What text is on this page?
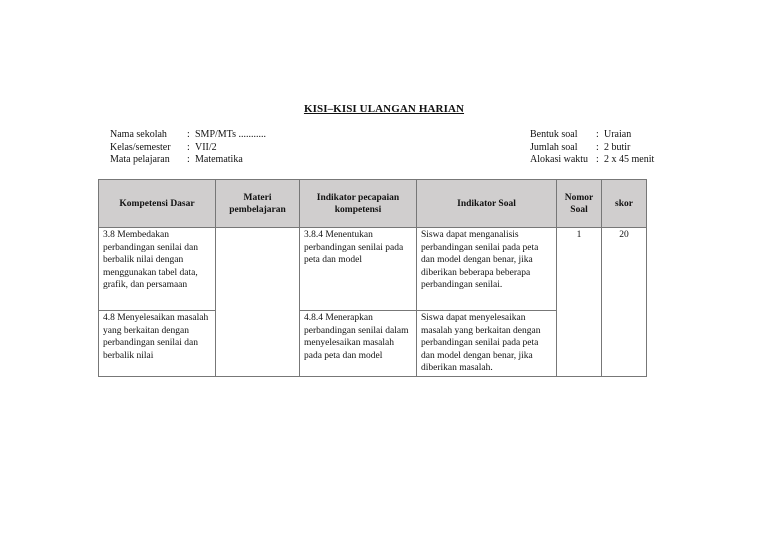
KISI–KISI ULANGAN HARIAN
Nama sekolah	: SMP/MTs ...........
Kelas/semester	: VII/2
Mata pelajaran	: Matematika
Bentuk soal	: Uraian
Jumlah soal	: 2 butir
Alokasi waktu : 2 x 45 menit
Kompetensi Dasar	Materi pembelajaran	Indikator pecapaian kompetensi	Indikator Soal	Nomor Soal	skor
3.8 Membedakan perbandingan senilai dan berbalik nilai dengan menggunakan tabel data, grafik, dan persamaan		3.8.4 Menentukan perbandingan senilai pada peta dan model	Siswa dapat menganalisis perbandingan senilai pada peta dan model dengan benar, jika diberikan beberapa beberapa perbandingan senilai.	1	20
4.8 Menyelesaikan masalah yang berkaitan dengan perbandingan senilai dan berbalik nilai		4.8.4 Menerapkan perbandingan senilai dalam menyelesaikan masalah pada peta dan model	Siswa dapat menyelesaikan masalah yang berkaitan dengan perbandingan senilai pada peta dan model dengan benar, jika diberikan masalah.		
